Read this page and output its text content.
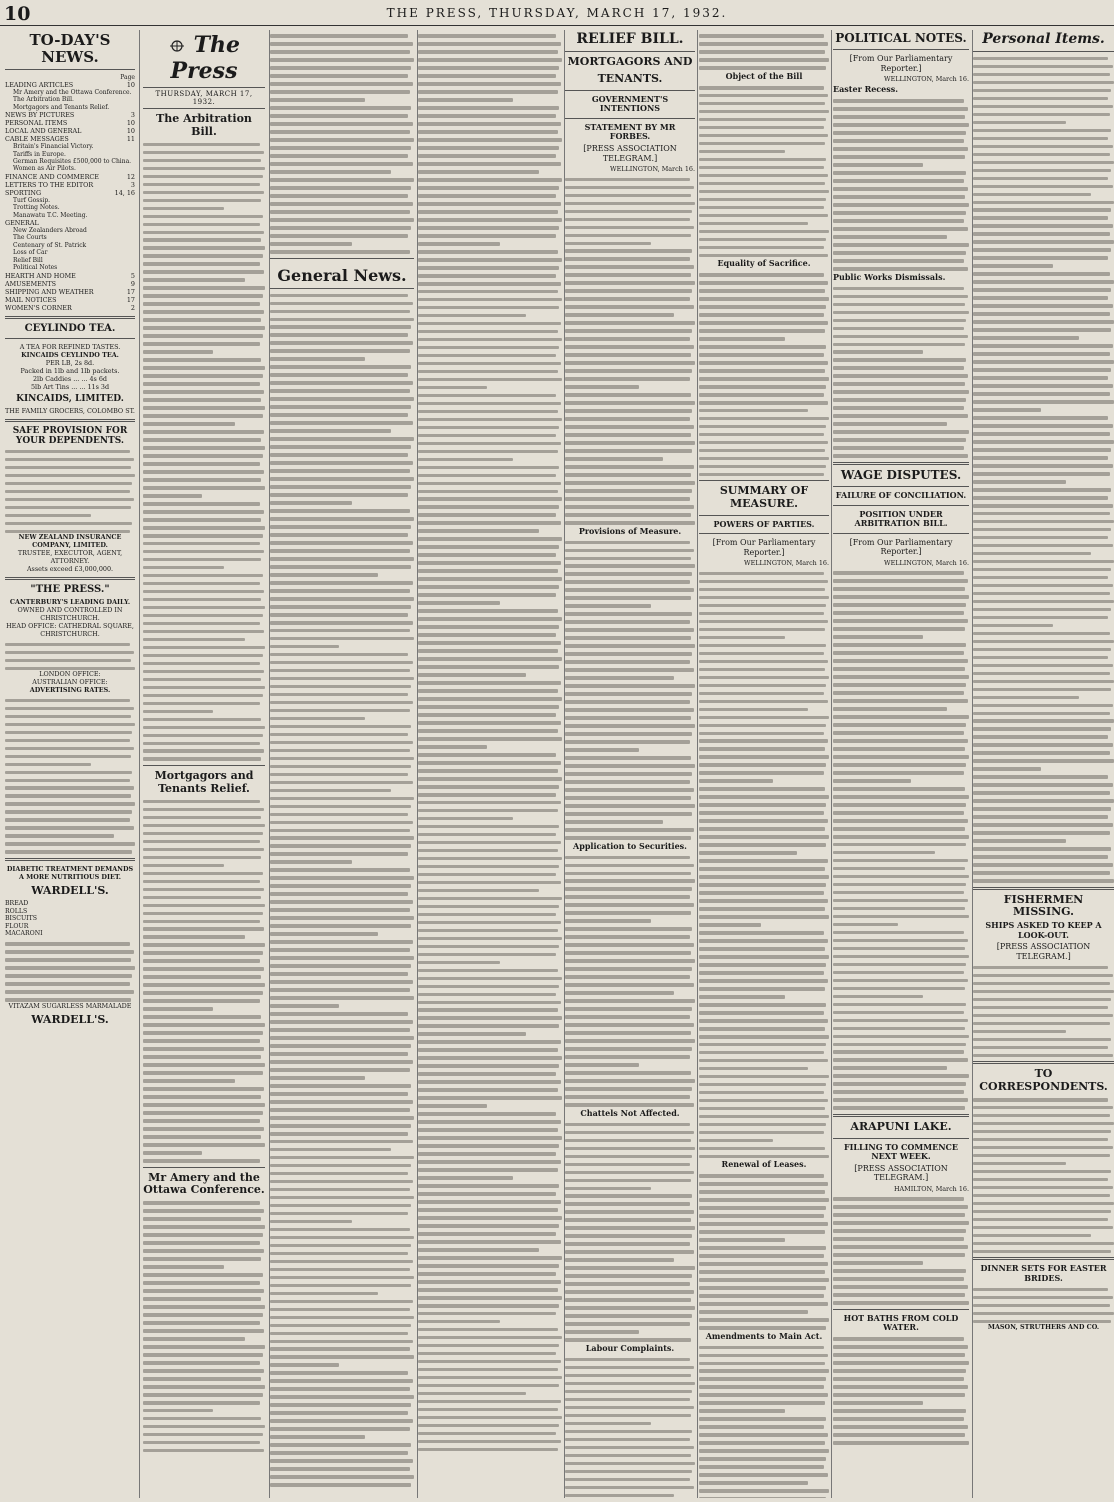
10	THE PRESS, THURSDAY, MARCH 17, 1932.
TO-DAY'S NEWS.
Page
LEADING ARTICLES	10
Mr Amery and the Ottawa Conference.
The Arbitration Bill.
Mortgagors and Tenants Relief.
NEWS BY PICTURES	3
PERSONAL ITEMS	10
LOCAL AND GENERAL	10
CABLE MESSAGES	11
Britain's Financial Victory.
Tariffs in Europe.
German Requisites £500,000 to China.
Women as Air Pilots.
FINANCE AND COMMERCE	12
LETTERS TO THE EDITOR	3
SPORTING	14, 16
Turf Gossip.
Trotting Notes.
Manawatu T.C. Meeting.
GENERAL
New Zealanders Abroad
The Courts
Centenary of St. Patrick
Loss of Car
Relief Bill
Political Notes
HEARTH AND HOME	5
AMUSEMENTS	9
SHIPPING AND WEATHER	17
MAIL NOTICES	17
WOMEN'S CORNER	2
CEYLINDO TEA.
A TEA FOR REFINED TASTES.
KINCAIDS CEYLINDO TEA.
PER LB, 2s 8d.
Packed in 1lb and 1lb packets.
2lb Caddies ... ... 4s 6d
5lb Art Tins ... ... 11s 3d
KINCAIDS, LIMITED.
THE FAMILY GROCERS, COLOMBO ST.
SAFE PROVISION FOR YOUR DEPENDENTS.
NEW ZEALAND INSURANCE COMPANY, LIMITED.
TRUSTEE, EXECUTOR, AGENT, ATTORNEY.
Assets exceed £3,000,000.
"THE PRESS."
CANTERBURY'S LEADING DAILY.
OWNED AND CONTROLLED IN CHRISTCHURCH.
HEAD OFFICE: CATHEDRAL SQUARE, CHRISTCHURCH.
LONDON OFFICE:
AUSTRALIAN OFFICE:
ADVERTISING RATES.
DIABETIC TREATMENT DEMANDS A MORE NUTRITIOUS DIET.
WARDELL'S.
BREAD
ROLLS
BISCUITS
FLOUR
MACARONI
VITAZAM SUGARLESS MARMALADE
WARDELL'S.
The Press
THURSDAY, MARCH 17, 1932.
The Arbitration Bill.
Mortgagors and Tenants Relief.
Mr Amery and the Ottawa Conference.
General News.
RELIEF BILL.
MORTGAGORS AND
TENANTS.
GOVERNMENT'S INTENTIONS
STATEMENT BY MR FORBES.
[PRESS ASSOCIATION TELEGRAM.]
WELLINGTON, March 16.
Provisions of Measure.
Application to Securities.
Chattels Not Affected.
Labour Complaints.
Object of the Bill
Equality of Sacrifice.
SUMMARY OF MEASURE.
POWERS OF PARTIES.
[From Our Parliamentary Reporter.]
WELLINGTON, March 16.
Renewal of Leases.
Amendments to Main Act.
POLITICAL NOTES.
[From Our Parliamentary Reporter.]
WELLINGTON, March 16.
Easter Recess.
Public Works Dismissals.
WAGE DISPUTES.
FAILURE OF CONCILIATION.
POSITION UNDER ARBITRATION BILL.
[From Our Parliamentary Reporter.]
WELLINGTON, March 16.
ARAPUNI LAKE.
FILLING TO COMMENCE NEXT WEEK.
[PRESS ASSOCIATION TELEGRAM.]
HAMILTON, March 16.
HOT BATHS FROM COLD WATER.
Personal Items.
FISHERMEN MISSING.
SHIPS ASKED TO KEEP A LOOK-OUT.
[PRESS ASSOCIATION TELEGRAM.]
TO CORRESPONDENTS.
DINNER SETS FOR EASTER BRIDES.
MASON, STRUTHERS AND CO.
